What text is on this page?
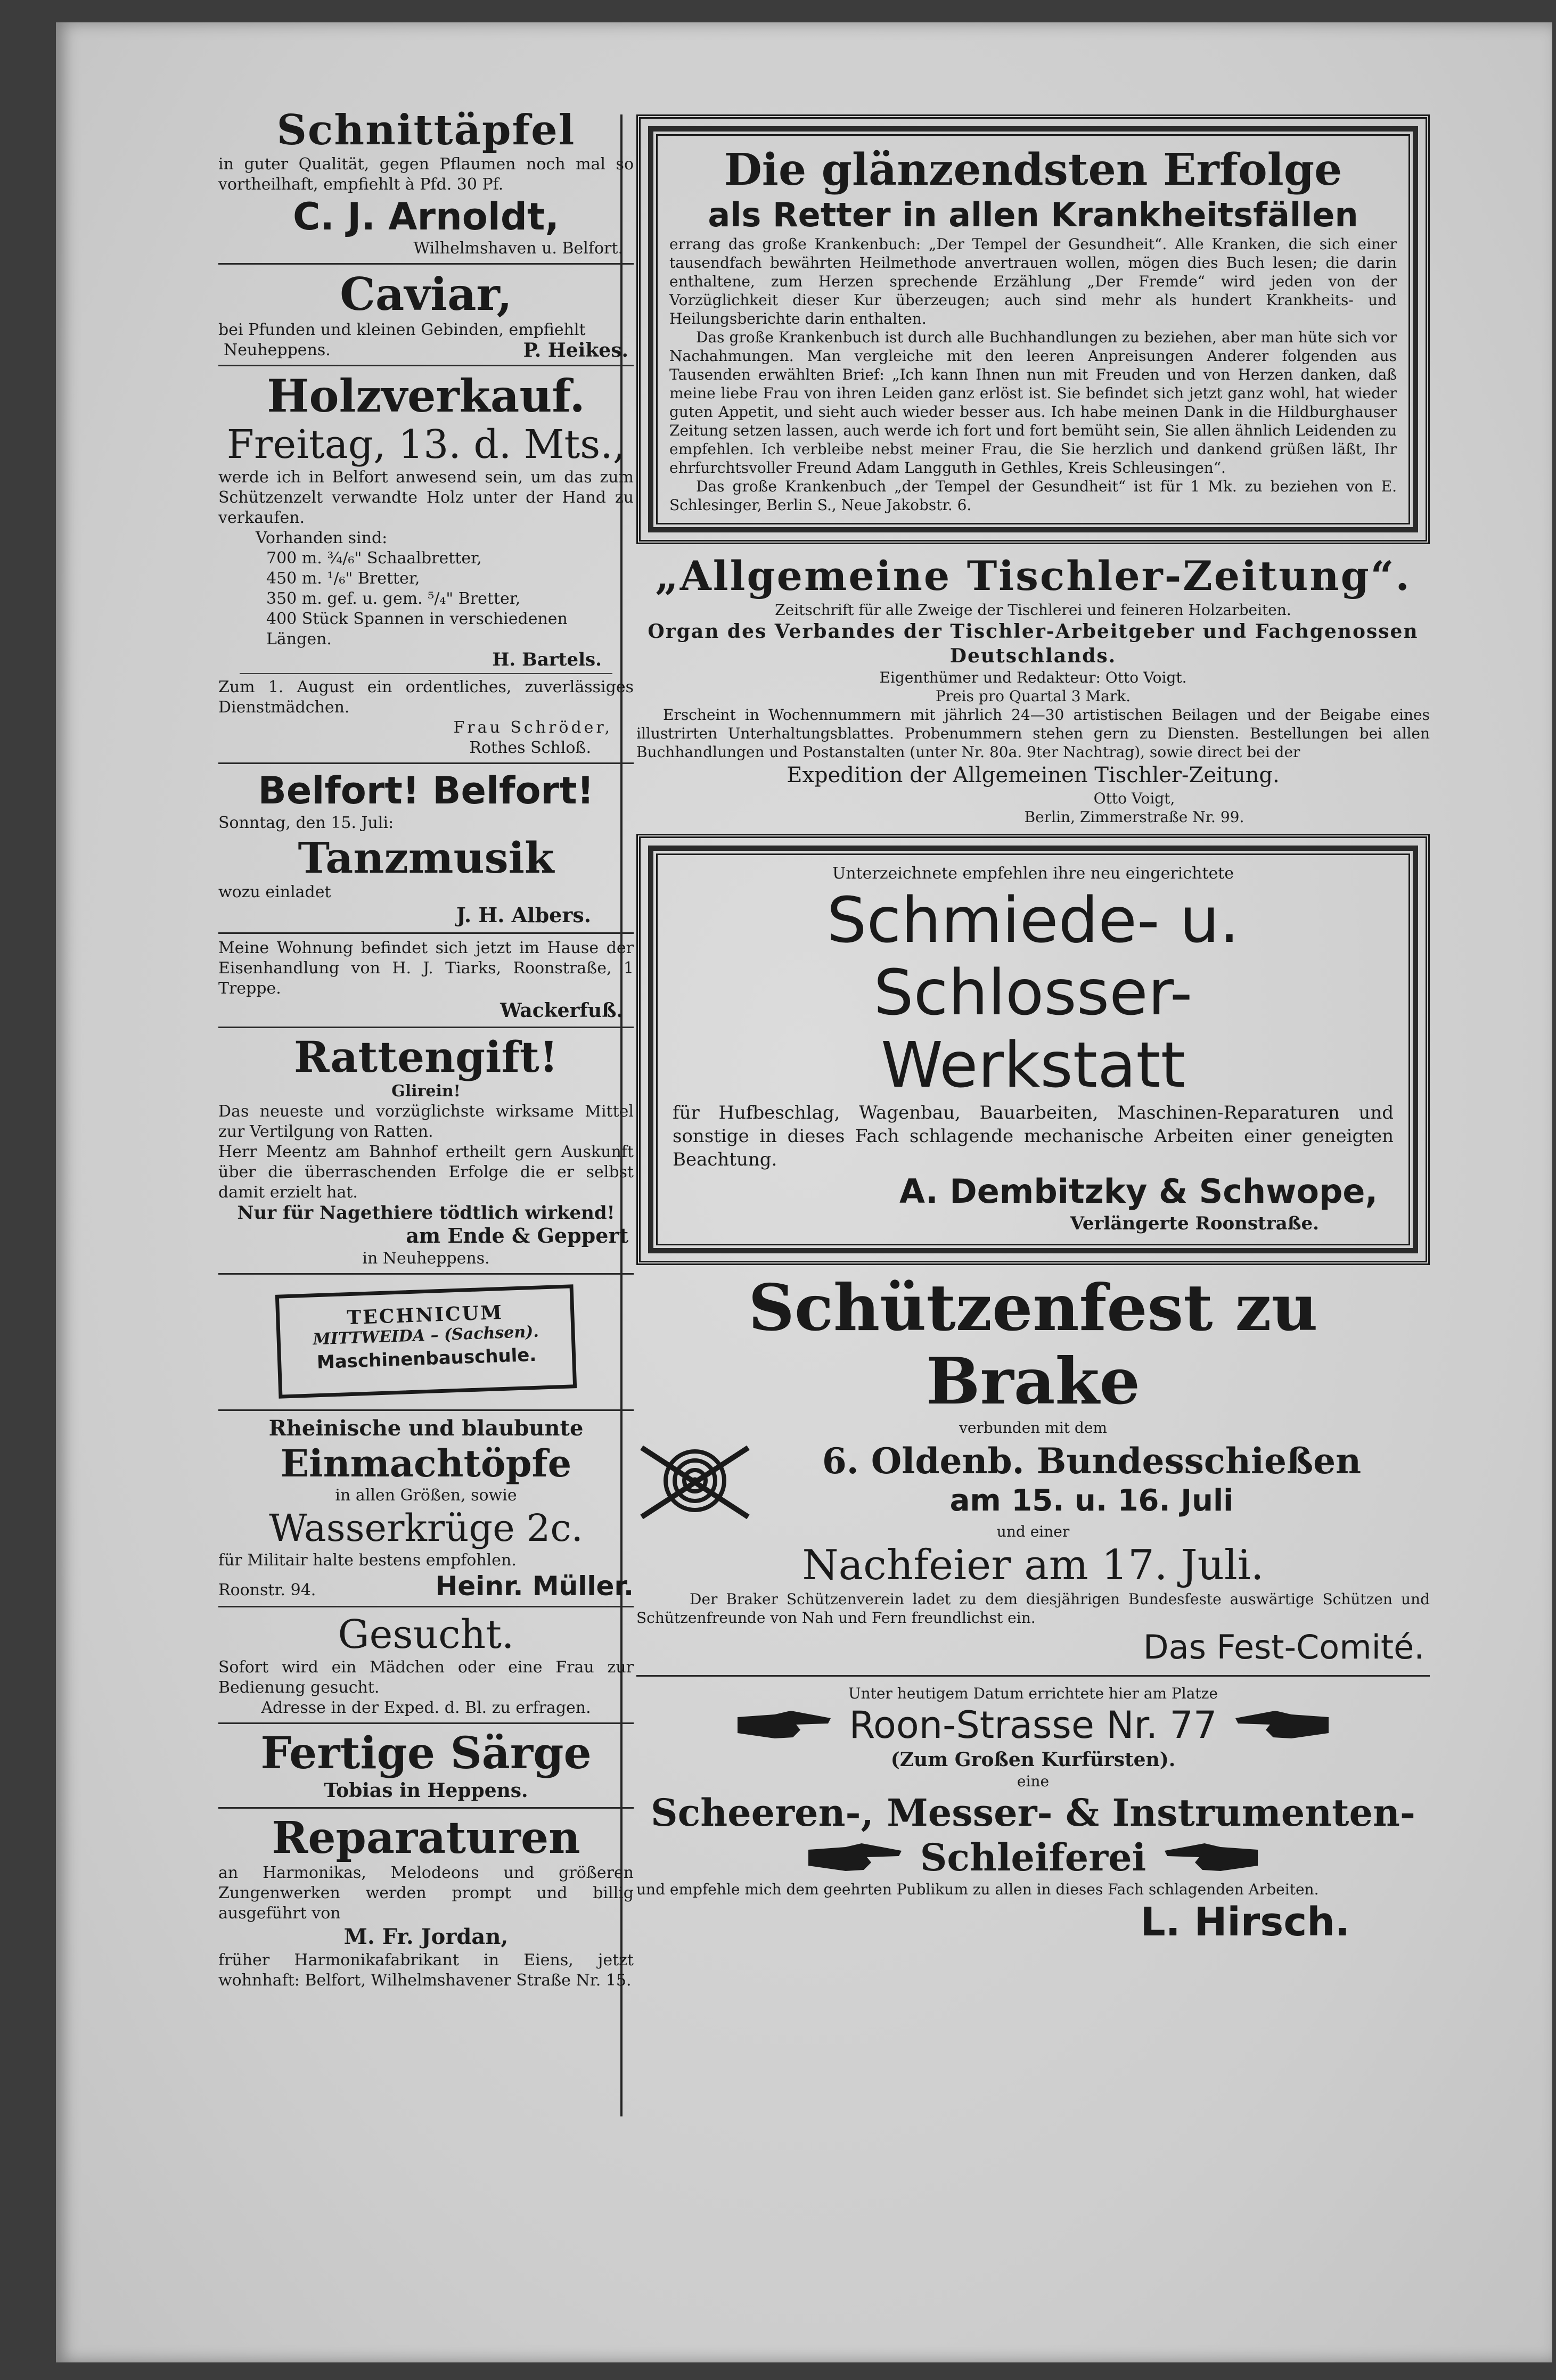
Schnittäpfel
in guter Qualität, gegen Pflaumen noch mal so vortheilhaft, empfiehlt à Pfd. 30 Pf.
C. J. Arnoldt,
Wilhelmshaven u. Belfort.
Caviar,
bei Pfunden und kleinen Gebinden, empfiehlt
Neuheppens.	P. Heikes.
Holzverkauf.
Freitag, 13. d. Mts.,
werde ich in Belfort anwesend sein, um das zum Schützenzelt verwandte Holz unter der Hand zu verkaufen.
Vorhanden sind:
700 m. ¾/₆" Schaalbretter,
450 m. ¹/₆" Bretter,
350 m. gef. u. gem. ⁵/₄" Bretter,
400 Stück Spannen in verschiedenen Längen.
H. Bartels.
Zum 1. August ein ordentliches, zuverlässiges Dienstmädchen.
Frau Schröder,
Rothes Schloß.
Belfort! Belfort!
Sonntag, den 15. Juli:
Tanzmusik
wozu einladet
J. H. Albers.
Meine Wohnung befindet sich jetzt im Hause der Eisenhandlung von H. J. Tiarks, Roonstraße, 1 Treppe.
Wackerfuß.
Rattengift!
Glirein!
Das neueste und vorzüglichste wirksame Mittel zur Vertilgung von Ratten.
Herr Meentz am Bahnhof ertheilt gern Auskunft über die überraschenden Erfolge die er selbst damit erzielt hat.
Nur für Nagethiere tödtlich wirkend!
am Ende & Geppert
in Neuheppens.
TECHNICUM
MITTWEIDA – (Sachsen).
Maschinenbauschule.
Rheinische und blaubunte
Einmachtöpfe
in allen Größen, sowie
Wasserkrüge 2c.
für Militair halte bestens empfohlen.
Roonstr. 94.	Heinr. Müller.
Gesucht.
Sofort wird ein Mädchen oder eine Frau zur Bedienung gesucht.
Adresse in der Exped. d. Bl. zu erfragen.
Fertige Särge
Tobias in Heppens.
Reparaturen
an Harmonikas, Melodeons und größeren Zungenwerken werden prompt und billig ausgeführt von
M. Fr. Jordan,
früher Harmonikafabrikant in Eiens, jetzt wohnhaft: Belfort, Wilhelmshavener Straße Nr. 15.
Die glänzendsten Erfolge
als Retter in allen Krankheitsfällen
errang das große Krankenbuch: „Der Tempel der Gesundheit“. Alle Kranken, die sich einer tausendfach bewährten Heilmethode anvertrauen wollen, mögen dies Buch lesen; die darin enthaltene, zum Herzen sprechende Erzählung „Der Fremde“ wird jeden von der Vorzüglichkeit dieser Kur überzeugen; auch sind mehr als hundert Krankheits- und Heilungsberichte darin enthalten.
Das große Krankenbuch ist durch alle Buchhandlungen zu beziehen, aber man hüte sich vor Nachahmungen. Man vergleiche mit den leeren Anpreisungen Anderer folgenden aus Tausenden erwählten Brief: „Ich kann Ihnen nun mit Freuden und von Herzen danken, daß meine liebe Frau von ihren Leiden ganz erlöst ist. Sie befindet sich jetzt ganz wohl, hat wieder guten Appetit, und sieht auch wieder besser aus. Ich habe meinen Dank in die Hildburghauser Zeitung setzen lassen, auch werde ich fort und fort bemüht sein, Sie allen ähnlich Leidenden zu empfehlen. Ich verbleibe nebst meiner Frau, die Sie herzlich und dankend grüßen läßt, Ihr ehrfurchtsvoller Freund Adam Langguth in Gethles, Kreis Schleusingen“.
Das große Krankenbuch „der Tempel der Gesundheit“ ist für 1 Mk. zu beziehen von E. Schlesinger, Berlin S., Neue Jakobstr. 6.
„Allgemeine Tischler-Zeitung“.
Zeitschrift für alle Zweige der Tischlerei und feineren Holzarbeiten.
Organ des Verbandes der Tischler-Arbeitgeber und Fachgenossen Deutschlands.
Eigenthümer und Redakteur: Otto Voigt.
Preis pro Quartal 3 Mark.
Erscheint in Wochennummern mit jährlich 24—30 artistischen Beilagen und der Beigabe eines illustrirten Unterhaltungsblattes. Probenummern stehen gern zu Diensten. Bestellungen bei allen Buchhandlungen und Postanstalten (unter Nr. 80a. 9ter Nachtrag), sowie direct bei der
Expedition der Allgemeinen Tischler-Zeitung.
Otto Voigt,
Berlin, Zimmerstraße Nr. 99.
Unterzeichnete empfehlen ihre neu eingerichtete
Schmiede- u. Schlosser-
Werkstatt
für Hufbeschlag, Wagenbau, Bauarbeiten, Maschinen-Reparaturen und sonstige in dieses Fach schlagende mechanische Arbeiten einer geneigten Beachtung.
A. Dembitzky & Schwope,
Verlängerte Roonstraße.
Schützenfest zu Brake
verbunden mit dem
6. Oldenb. Bundesschießen
am 15. u. 16. Juli
und einer
Nachfeier am 17. Juli.
Der Braker Schützenverein ladet zu dem diesjährigen Bundesfeste auswärtige Schützen und Schützenfreunde von Nah und Fern freundlichst ein.
Das Fest-Comité.
Unter heutigem Datum errichtete hier am Platze
Roon-Strasse Nr. 77
(Zum Großen Kurfürsten).
eine
Scheeren-, Messer- & Instrumenten-
Schleiferei
und empfehle mich dem geehrten Publikum zu allen in dieses Fach schlagenden Arbeiten.
L. Hirsch.
